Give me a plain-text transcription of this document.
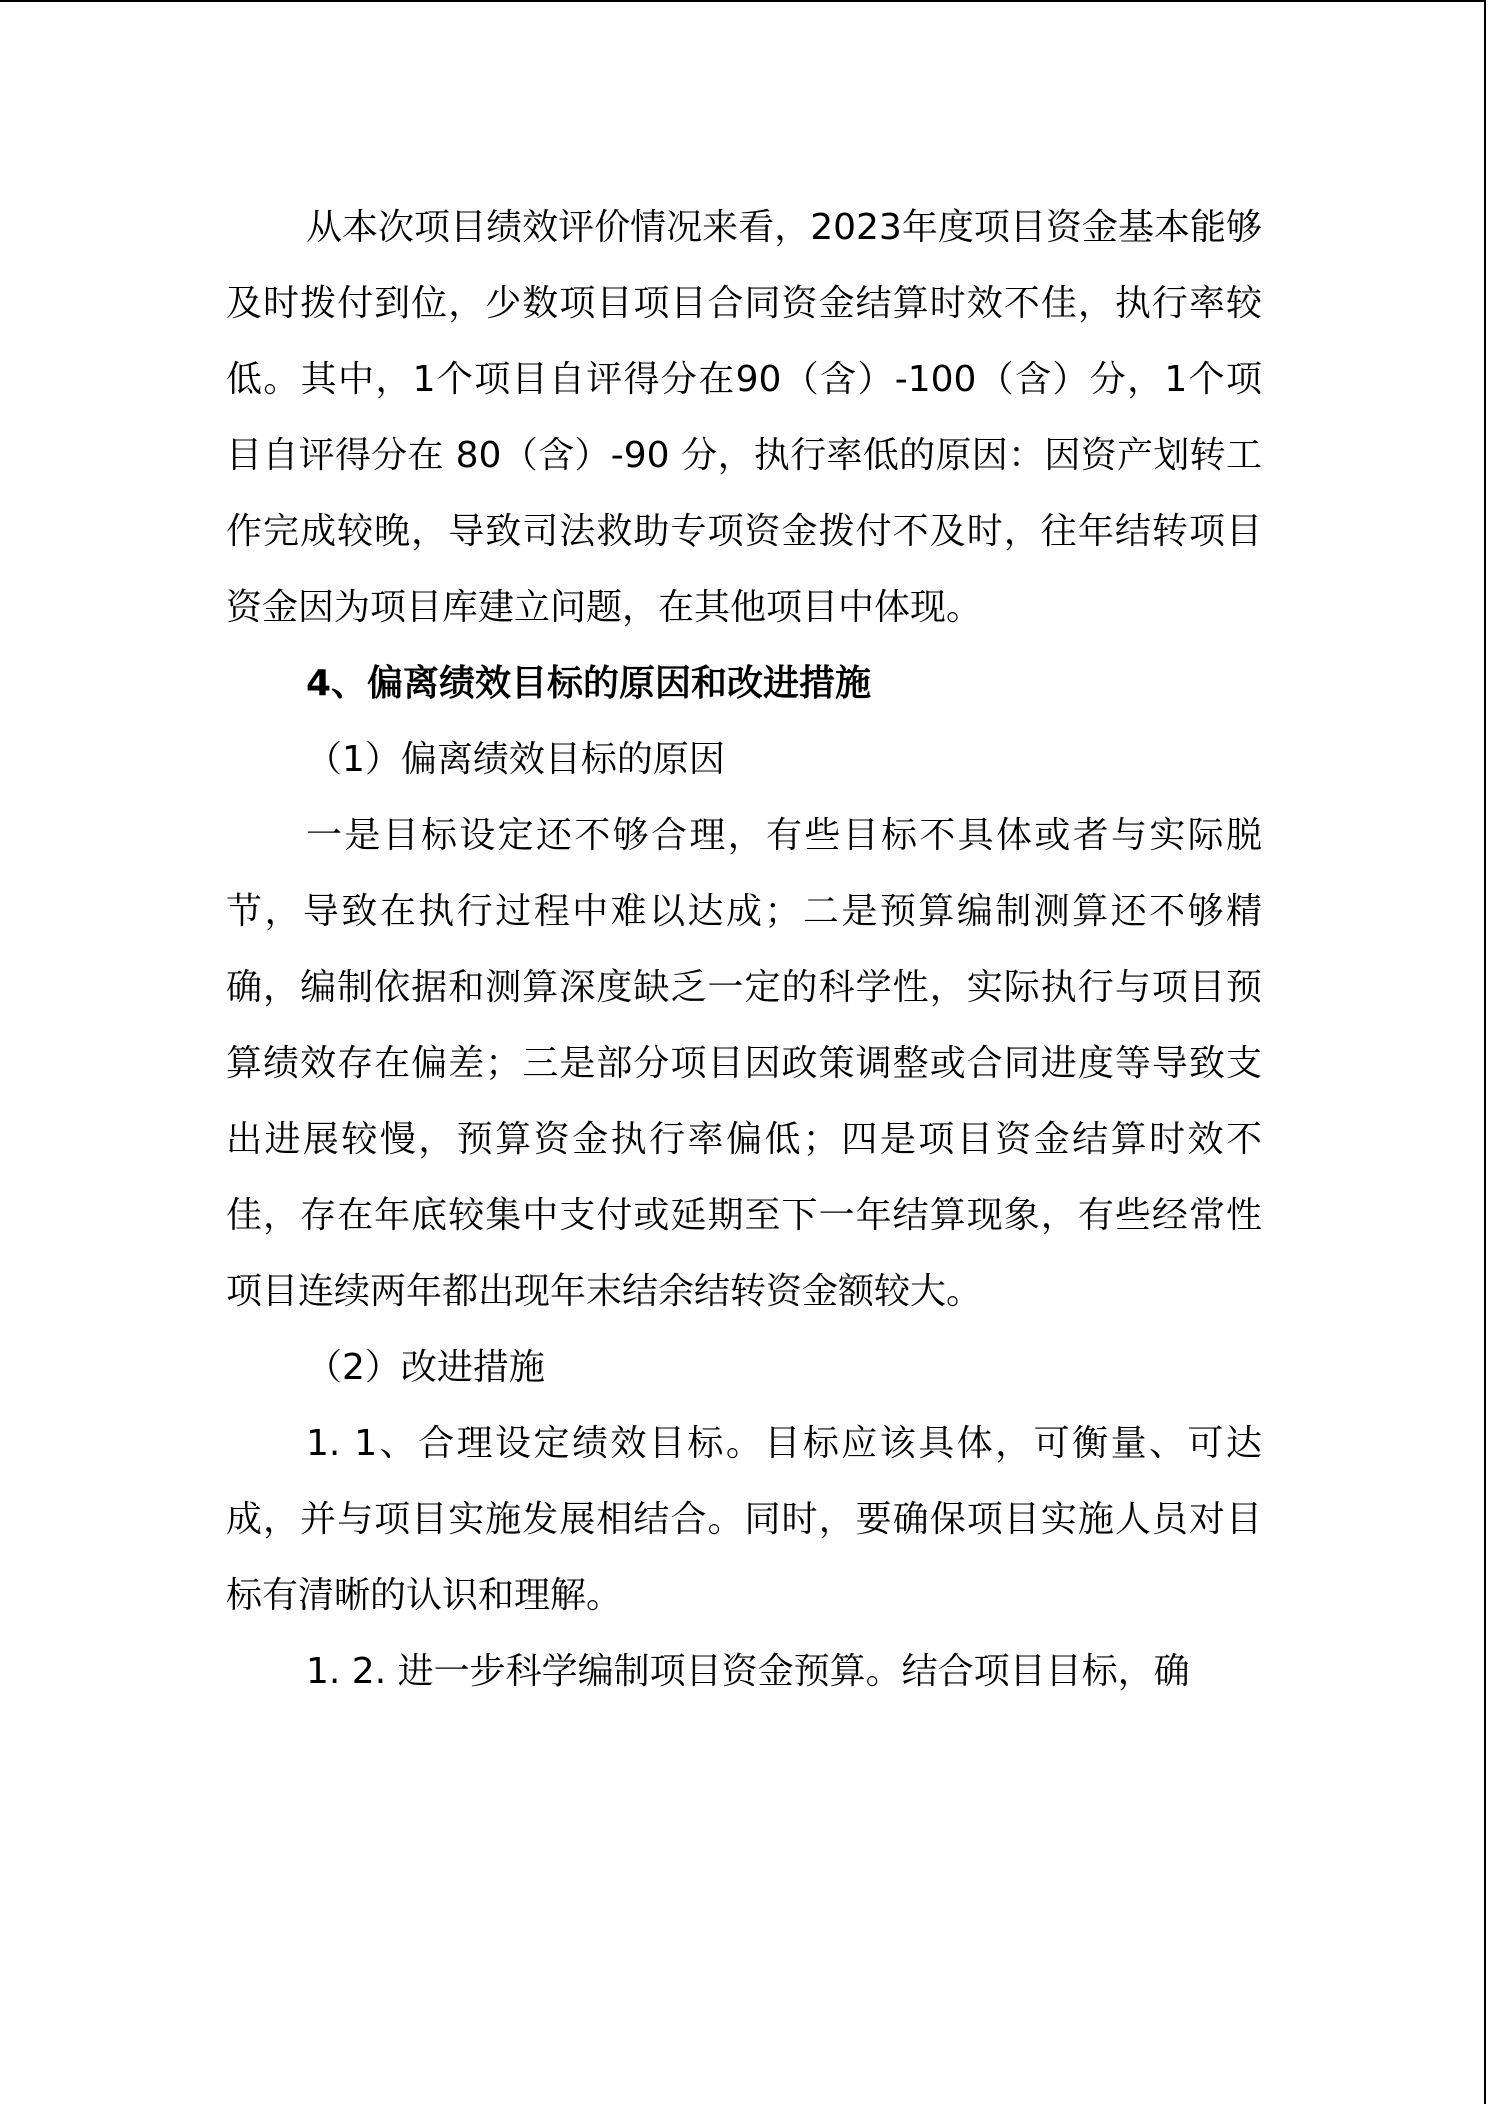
从本次项目绩效评价情况来看，2023年度项目资金基本能够及时拨付到位，少数项目项目合同资金结算时效不佳，执行率较低。其中，1个项目自评得分在90（含）-100（含）分，1个项目自评得分在 80（含）-90 分，执行率低的原因：因资产划转工作完成较晚，导致司法救助专项资金拨付不及时，往年结转项目资金因为项目库建立问题，在其他项目中体现。

4、偏离绩效目标的原因和改进措施

（1）偏离绩效目标的原因

一是目标设定还不够合理，有些目标不具体或者与实际脱节，导致在执行过程中难以达成；二是预算编制测算还不够精确，编制依据和测算深度缺乏一定的科学性，实际执行与项目预算绩效存在偏差；三是部分项目因政策调整或合同进度等导致支出进展较慢，预算资金执行率偏低；四是项目资金结算时效不佳，存在年底较集中支付或延期至下一年结算现象，有些经常性项目连续两年都出现年末结余结转资金额较大。

（2）改进措施

1. 1、合理设定绩效目标。目标应该具体，可衡量、可达成，并与项目实施发展相结合。同时，要确保项目实施人员对目标有清晰的认识和理解。

1. 2. 进一步科学编制项目资金预算。结合项目目标，确
